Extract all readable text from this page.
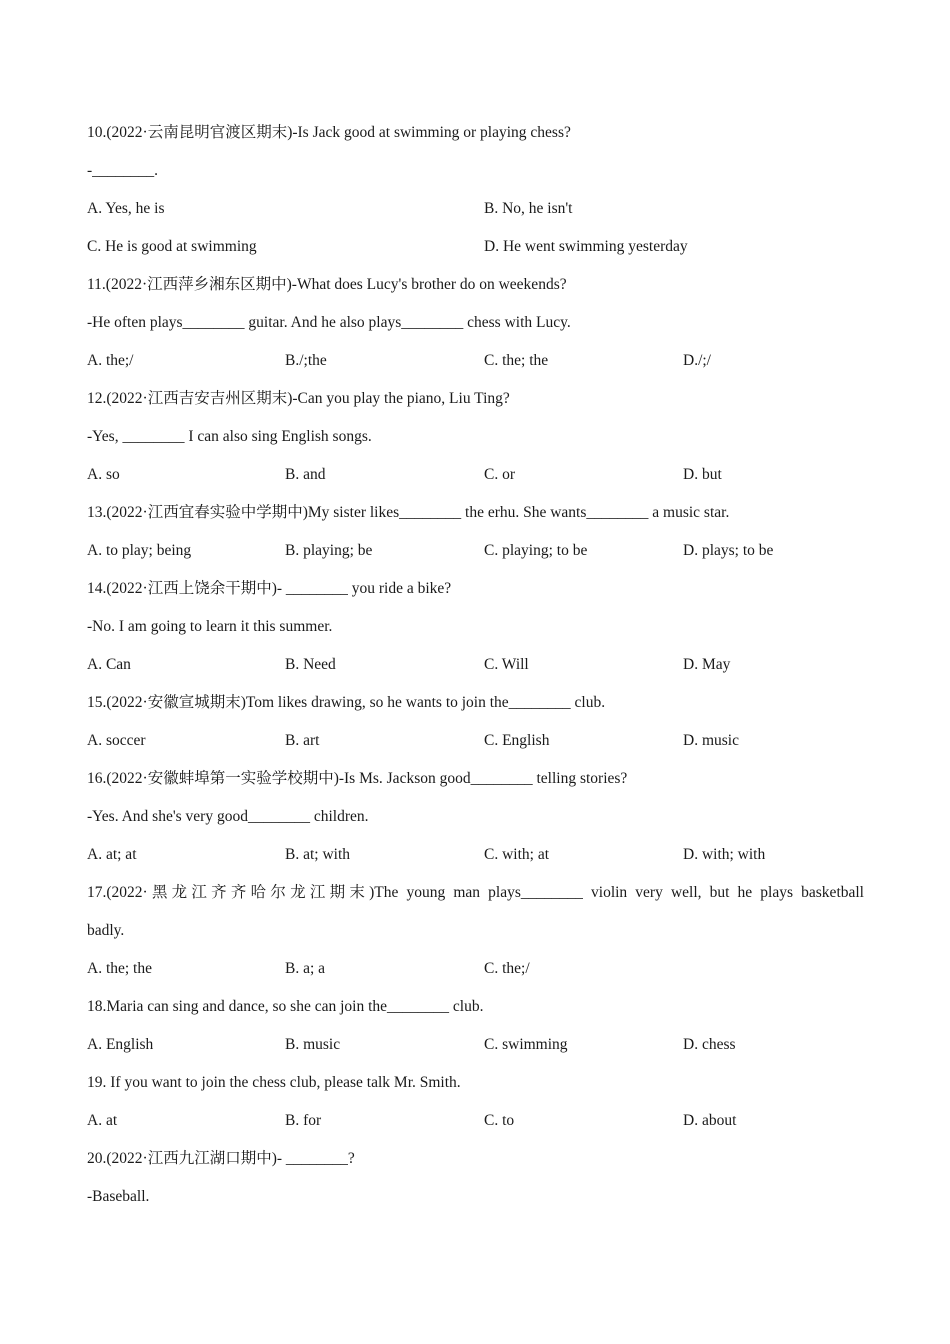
10.(2022·云南昆明官渡区期末)-Is Jack good at swimming or playing chess?
-________.
A. Yes, he is	B. No, he isn't
C. He is good at swimming	D. He went swimming yesterday
11.(2022·江西萍乡湘东区期中)-What does Lucy's brother do on weekends?
-He often plays________ guitar. And he also plays________ chess with Lucy.
A. the;/	B./;the	C. the; the	D./;/
12.(2022·江西吉安吉州区期末)-Can you play the piano, Liu Ting?
-Yes, ________ I can also sing English songs.
A. so	B. and	C. or	D. but
13.(2022·江西宜春实验中学期中)My sister likes________ the erhu. She wants________ a music star.
A. to play; being	B. playing; be	C. playing; to be	D. plays; to be
14.(2022·江西上饶余干期中)- ________ you ride a bike?
-No. I am going to learn it this summer.
A. Can	B. Need	C. Will	D. May
15.(2022·安徽宣城期末)Tom likes drawing, so he wants to join the________ club.
A. soccer	B. art	C. English	D. music
16.(2022·安徽蚌埠第一实验学校期中)-Is Ms. Jackson good________ telling stories?
-Yes. And she's very good________ children.
A. at; at	B. at; with	C. with; at	D. with; with
17.(2022·黑龙江齐齐哈尔龙江期末)The young man plays________ violin very well, but he plays basketball
badly.
A. the; the	B. a; a	C. the;/
18.Maria can sing and dance, so she can join the________ club.
A. English	B. music	C. swimming	D. chess
19. If you want to join the chess club, please talk Mr. Smith.
A. at	B. for	C. to	D. about
20.(2022·江西九江湖口期中)- ________?
-Baseball.
